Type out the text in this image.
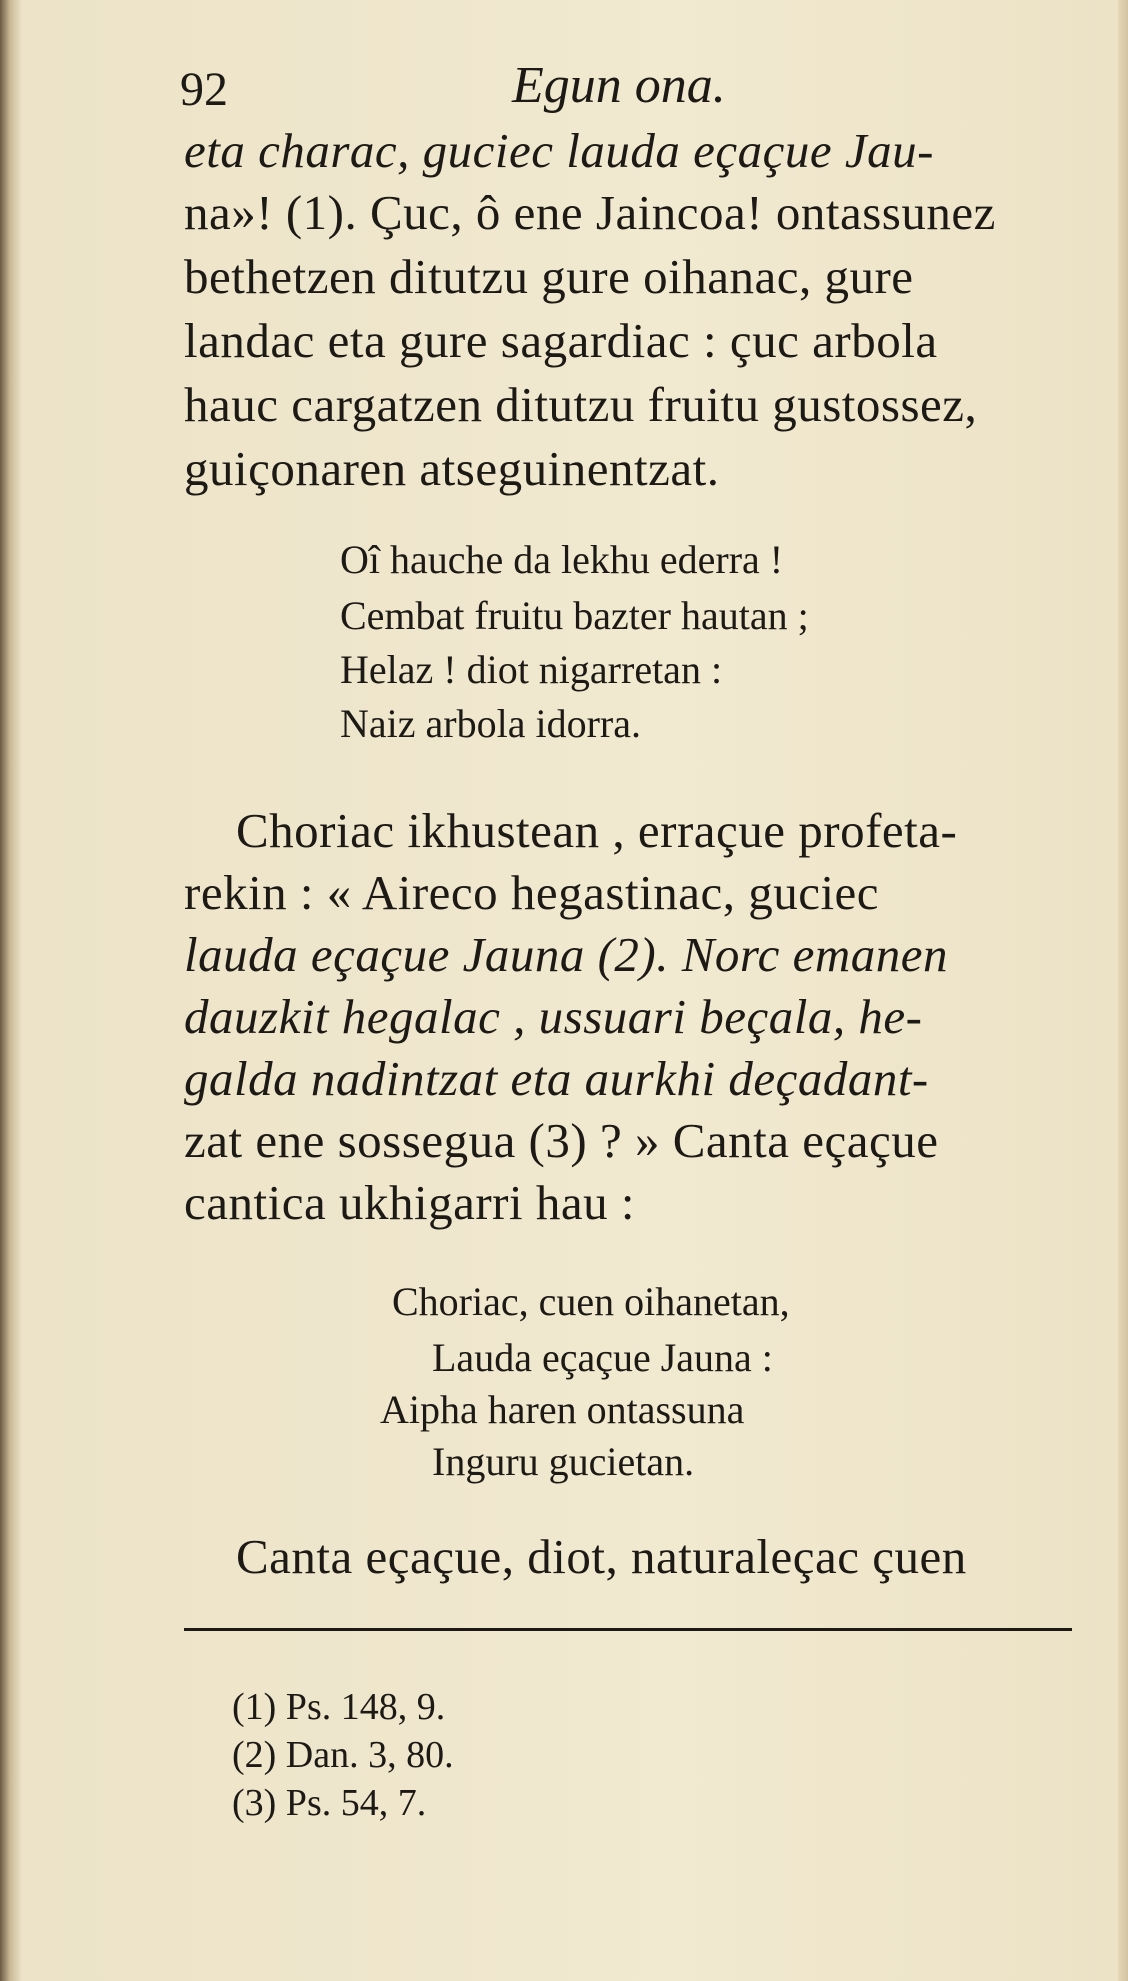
92	Egun ona.
eta charac, guciec lauda eçaçue Jau-
na»! (1). Çuc, ô ene Jaincoa! ontassunez
bethetzen ditutzu gure oihanac, gure
landac eta gure sagardiac : çuc arbola
hauc cargatzen ditutzu fruitu gustossez,
guiçonaren atseguinentzat.
Oî hauche da lekhu ederra !
Cembat fruitu bazter hautan ;
Helaz ! diot nigarretan :
Naiz arbola idorra.
Choriac ikhustean , erraçue profeta-
rekin : « Aireco hegastinac, guciec
lauda eçaçue Jauna (2). Norc emanen
dauzkit hegalac , ussuari beçala, he-
galda nadintzat eta aurkhi deçadant-
zat ene sossegua (3) ? » Canta eçaçue
cantica ukhigarri hau :
Choriac, cuen oihanetan,
Lauda eçaçue Jauna :
Aipha haren ontassuna
Inguru gucietan.
Canta eçaçue, diot, naturaleçac çuen
(1) Ps. 148, 9.
(2) Dan. 3, 80.
(3) Ps. 54, 7.
